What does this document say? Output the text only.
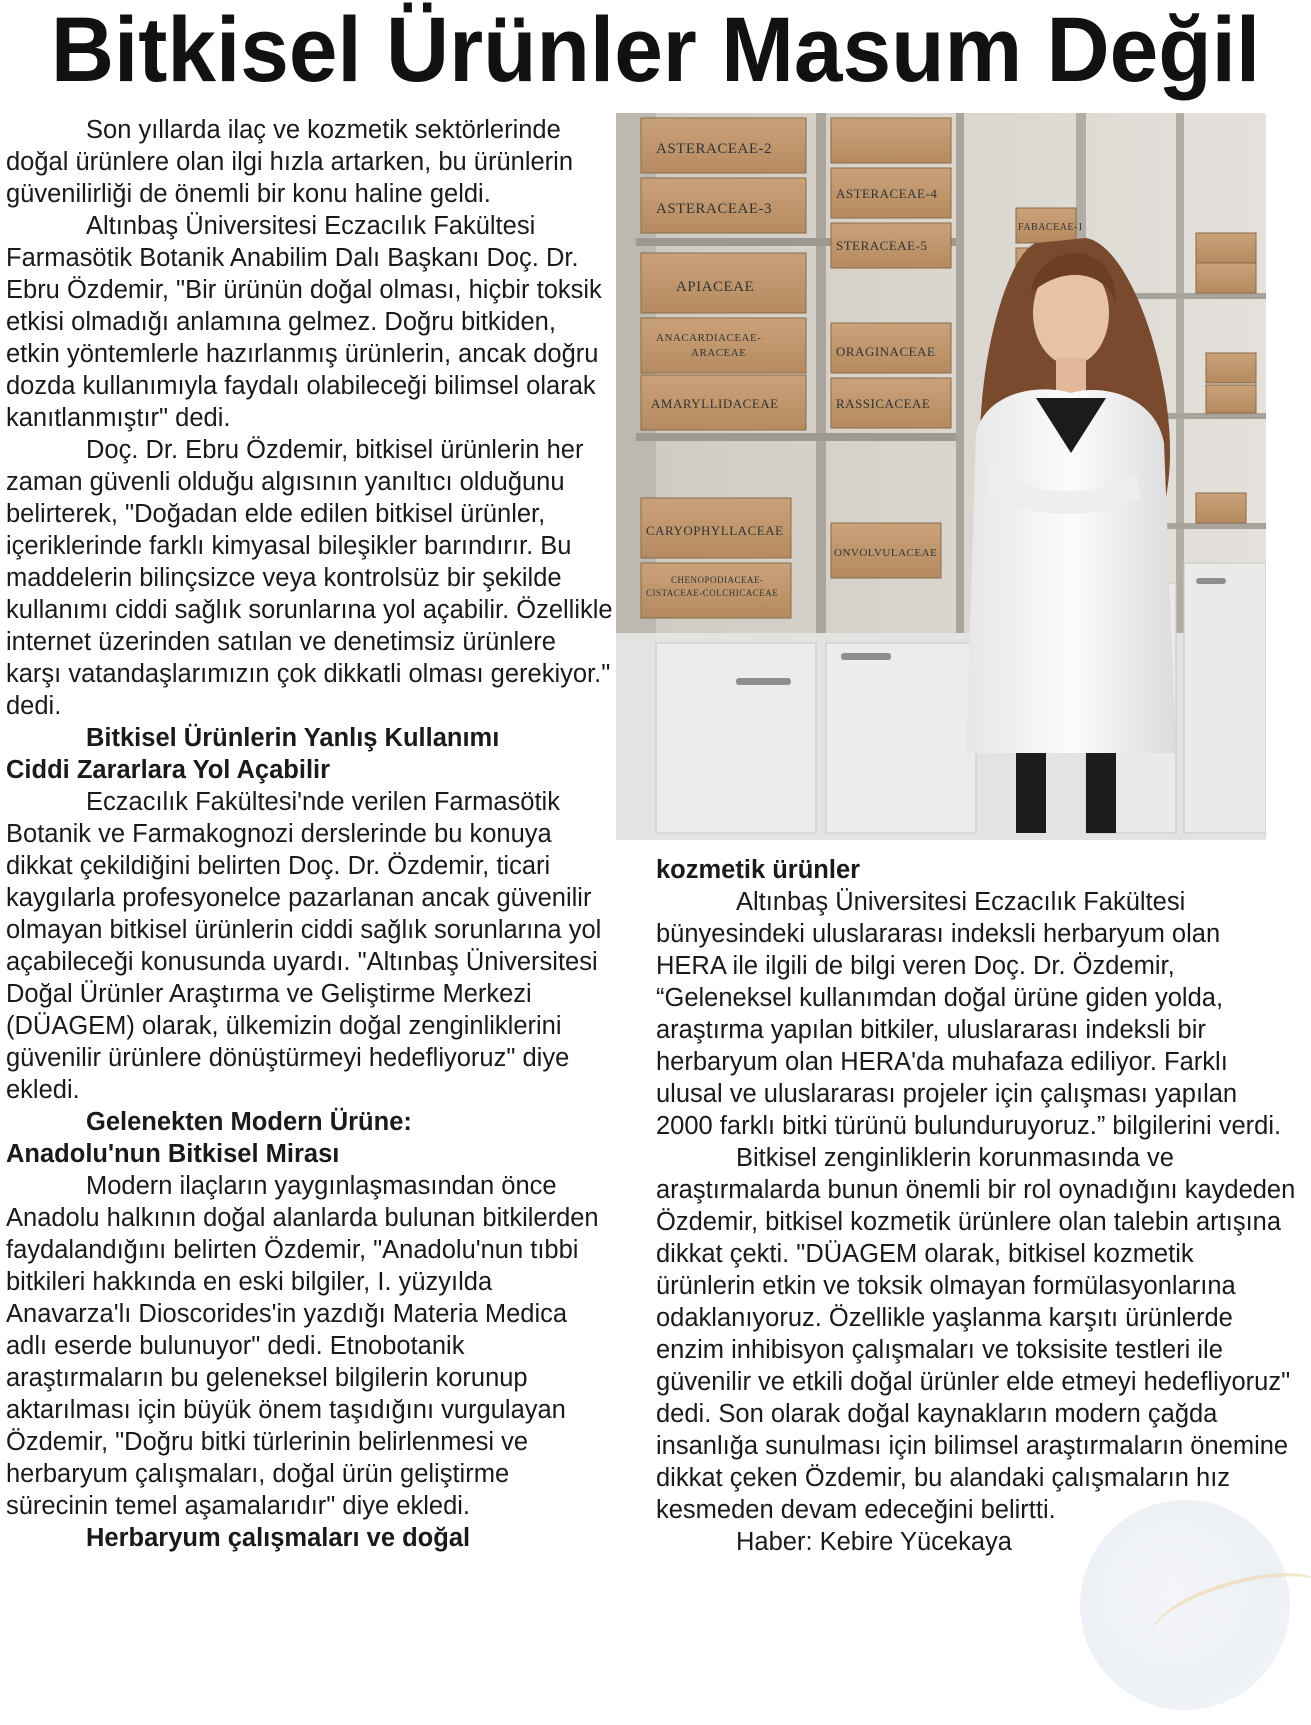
Bitkisel Ürünler Masum Değil

Son yıllarda ilaç ve kozmetik sektörlerinde doğal ürünlere olan ilgi hızla artarken, bu ürünlerin güvenilirliği de önemli bir konu haline geldi.

Altınbaş Üniversitesi Eczacılık Fakültesi Farmasötik Botanik Anabilim Dalı Başkanı Doç. Dr. Ebru Özdemir, "Bir ürünün doğal olması, hiçbir toksik etkisi olmadığı anlamına gelmez. Doğru bitkiden, etkin yöntemlerle hazırlanmış ürünlerin, ancak doğru dozda kullanımıyla faydalı olabileceği bilimsel olarak kanıtlanmıştır" dedi.

Doç. Dr. Ebru Özdemir, bitkisel ürünlerin her zaman güvenli olduğu algısının yanıltıcı olduğunu belirterek, "Doğadan elde edilen bitkisel ürünler, içeriklerinde farklı kimyasal bileşikler barındırır. Bu maddelerin bilinçsizce veya kontrolsüz bir şekilde kullanımı ciddi sağlık sorunlarına yol açabilir. Özellikle internet üzerinden satılan ve denetimsiz ürünlere karşı vatandaşlarımızın çok dikkatli olması gerekiyor." dedi.

Bitkisel Ürünlerin Yanlış Kullanımı
Ciddi Zararlara Yol Açabilir

Eczacılık Fakültesi'nde verilen Farmasötik Botanik ve Farmakognozi derslerinde bu konuya dikkat çekildiğini belirten Doç. Dr. Özdemir, ticari kaygılarla profesyonelce pazarlanan ancak güvenilir olmayan bitkisel ürünlerin ciddi sağlık sorunlarına yol açabileceği konusunda uyardı. "Altınbaş Üniversitesi Doğal Ürünler Araştırma ve Geliştirme Merkezi (DÜAGEM) olarak, ülkemizin doğal zenginliklerini güvenilir ürünlere dönüştürmeyi hedefliyoruz" diye ekledi.

Gelenekten Modern Ürüne:
Anadolu'nun Bitkisel Mirası

Modern ilaçların yaygınlaşmasından önce Anadolu halkının doğal alanlarda bulunan bitkilerden faydalandığını belirten Özdemir, "Anadolu'nun tıbbi bitkileri hakkında en eski bilgiler, I. yüzyılda Anavarza'lı Dioscorides'in yazdığı Materia Medica adlı eserde bulunuyor" dedi. Etnobotanik araştırmaların bu geleneksel bilgilerin korunup aktarılması için büyük önem taşıdığını vurgulayan Özdemir, "Doğru bitki türlerinin belirlenmesi ve herbaryum çalışmaları, doğal ürün geliştirme sürecinin temel aşamalarıdır" diye ekledi.

Herbaryum çalışmaları ve doğal

ASTERACEAE-2
ASTERACEAE-3
APIACEAE
ANACARDIACEAE-
ARACEAE
AMARYLLIDACEAE
CARYOPHYLLACEAE
CHENOPODIACEAE-
CISTACEAE-COLCHICACEAE
ASTERACEAE-4
STERACEAE-5
ORAGINACEAE
RASSICACEAE
ONVOLVULACEAE
FABACEAE-1

kozmetik ürünler

Altınbaş Üniversitesi Eczacılık Fakültesi bünyesindeki uluslararası indeksli herbaryum olan HERA ile ilgili de bilgi veren Doç. Dr. Özdemir, “Geleneksel kullanımdan doğal ürüne giden yolda, araştırma yapılan bitkiler, uluslararası indeksli bir herbaryum olan HERA'da muhafaza ediliyor. Farklı ulusal ve uluslararası projeler için çalışması yapılan 2000 farklı bitki türünü bulunduruyoruz.” bilgilerini verdi.

Bitkisel zenginliklerin korunmasında ve araştırmalarda bunun önemli bir rol oynadığını kaydeden Özdemir, bitkisel kozmetik ürünlere olan talebin artışına dikkat çekti. "DÜAGEM olarak, bitkisel kozmetik ürünlerin etkin ve toksik olmayan formülasyonlarına odaklanıyoruz. Özellikle yaşlanma karşıtı ürünlerde enzim inhibisyon çalışmaları ve toksisite testleri ile güvenilir ve etkili doğal ürünler elde etmeyi hedefliyoruz" dedi. Son olarak doğal kaynakların modern çağda insanlığa sunulması için bilimsel araştırmaların önemine dikkat çeken Özdemir, bu alandaki çalışmaların hız kesmeden devam edeceğini belirtti.

Haber: Kebire Yücekaya
